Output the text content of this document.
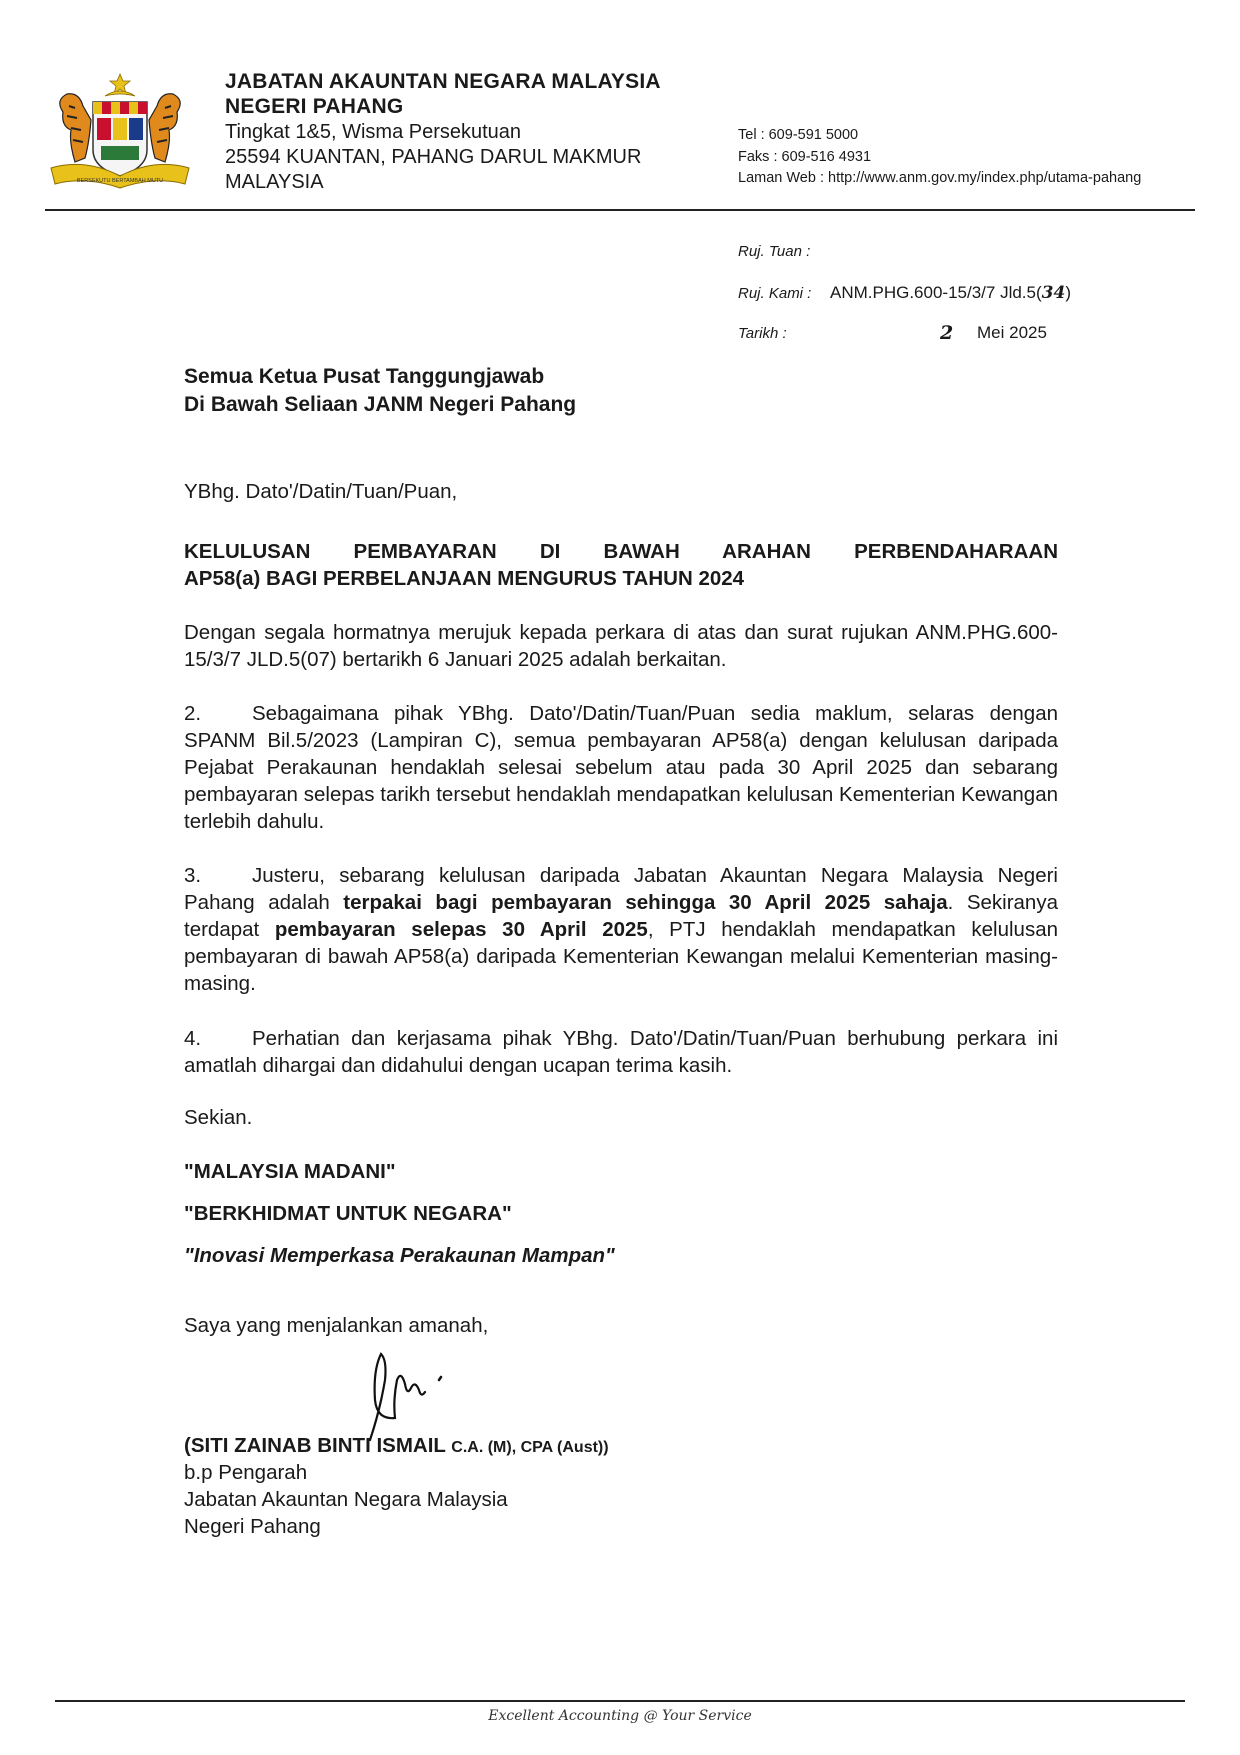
BERSEKUTU BERTAMBAH MUTU
JABATAN AKAUNTAN NEGARA MALAYSIA
NEGERI PAHANG
Tingkat 1&5, Wisma Persekutuan
25594 KUANTAN, PAHANG DARUL MAKMUR
MALAYSIA
Tel : 609-591 5000
Faks : 609-516 4931
Laman Web : http://www.anm.gov.my/index.php/utama-pahang
Ruj. Tuan :
Ruj. Kami : ANM.PHG.600-15/3/7 Jld.5(34)
Tarikh :	2 Mei 2025
Semua Ketua Pusat Tanggungjawab
Di Bawah Seliaan JANM Negeri Pahang
YBhg. Dato'/Datin/Tuan/Puan,
KELULUSAN PEMBAYARAN DI BAWAH ARAHAN PERBENDAHARAAN
AP58(a) BAGI PERBELANJAAN MENGURUS TAHUN 2024
Dengan segala hormatnya merujuk kepada perkara di atas dan surat rujukan ANM.PHG.600-15/3/7 JLD.5(07) bertarikh 6 Januari 2025 adalah berkaitan.
2. Sebagaimana pihak YBhg. Dato'/Datin/Tuan/Puan sedia maklum, selaras dengan SPANM Bil.5/2023 (Lampiran C), semua pembayaran AP58(a) dengan kelulusan daripada Pejabat Perakaunan hendaklah selesai sebelum atau pada 30 April 2025 dan sebarang pembayaran selepas tarikh tersebut hendaklah mendapatkan kelulusan Kementerian Kewangan terlebih dahulu.
3. Justeru, sebarang kelulusan daripada Jabatan Akauntan Negara Malaysia Negeri Pahang adalah terpakai bagi pembayaran sehingga 30 April 2025 sahaja. Sekiranya terdapat pembayaran selepas 30 April 2025, PTJ hendaklah mendapatkan kelulusan pembayaran di bawah AP58(a) daripada Kementerian Kewangan melalui Kementerian masing-masing.
4. Perhatian dan kerjasama pihak YBhg. Dato'/Datin/Tuan/Puan berhubung perkara ini amatlah dihargai dan didahului dengan ucapan terima kasih.
Sekian.
"MALAYSIA MADANI"
"BERKHIDMAT UNTUK NEGARA"
"Inovasi Memperkasa Perakaunan Mampan"
Saya yang menjalankan amanah,
(SITI ZAINAB BINTI ISMAIL C.A. (M), CPA (Aust))
b.p Pengarah
Jabatan Akauntan Negara Malaysia
Negeri Pahang
Excellent Accounting @ Your Service
